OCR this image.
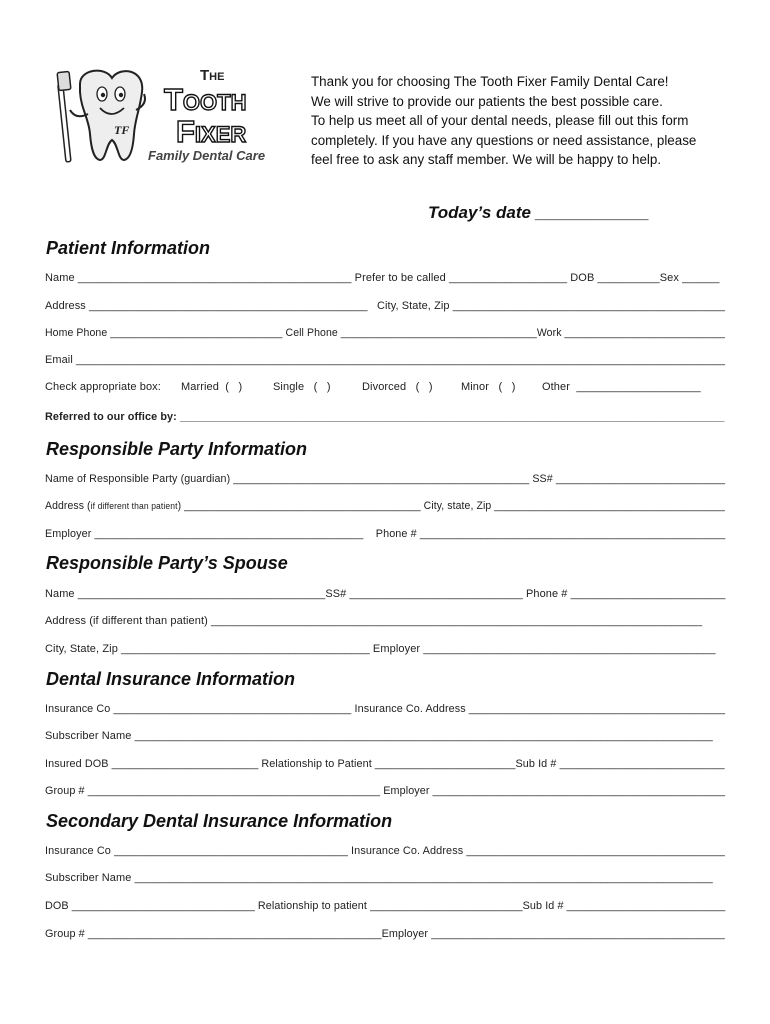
TF
The
Tooth
Fixer
Family Dental Care
Thank you for choosing The Tooth Fixer Family Dental Care!
We will strive to provide our patients the best possible care.
To help us meet all of your dental needs, please fill out this form
completely. If you have any questions or need assistance, please
feel free to ask any staff member. We will be happy to help.
Today’s date ____________
Patient Information
Name ____________________________________________ Prefer to be called ___________________ DOB __________Sex ______
Address _____________________________________________   City, State, Zip ____________________________________________
Home Phone _____________________________ Cell Phone _________________________________Work ___________________________
Email _________________________________________________________________________________________________________
Check appropriate box: Married  (   )	Single   (   )	Divorced   (   )	Minor   (   ) Other  ____________________
Referred to our office by: _________________________________________________________________________________________
Responsible Party Information
Name of Responsible Party (guardian) _________________________________________________ SS# ____________________________
Address (if different than patient) ________________________________________ City, state, Zip _______________________________________
Employer ____________________________________________    Phone # __________________________________________________
Responsible Party’s Spouse
Name ________________________________________SS# ____________________________ Phone # _________________________
Address (if different than patient) _______________________________________________________________________________
City, State, Zip ________________________________________ Employer _______________________________________________
Dental Insurance Information
Insurance Co _______________________________________ Insurance Co. Address __________________________________________
Subscriber Name _____________________________________________________________________________________________
Insured DOB ________________________ Relationship to Patient _______________________Sub Id # ___________________________
Group # ________________________________________________ Employer ________________________________________________
Secondary Dental Insurance Information
Insurance Co ______________________________________ Insurance Co. Address __________________________________________
Subscriber Name _____________________________________________________________________________________________
DOB ______________________________ Relationship to patient _________________________Sub Id # __________________________
Group # ________________________________________________Employer ________________________________________________
